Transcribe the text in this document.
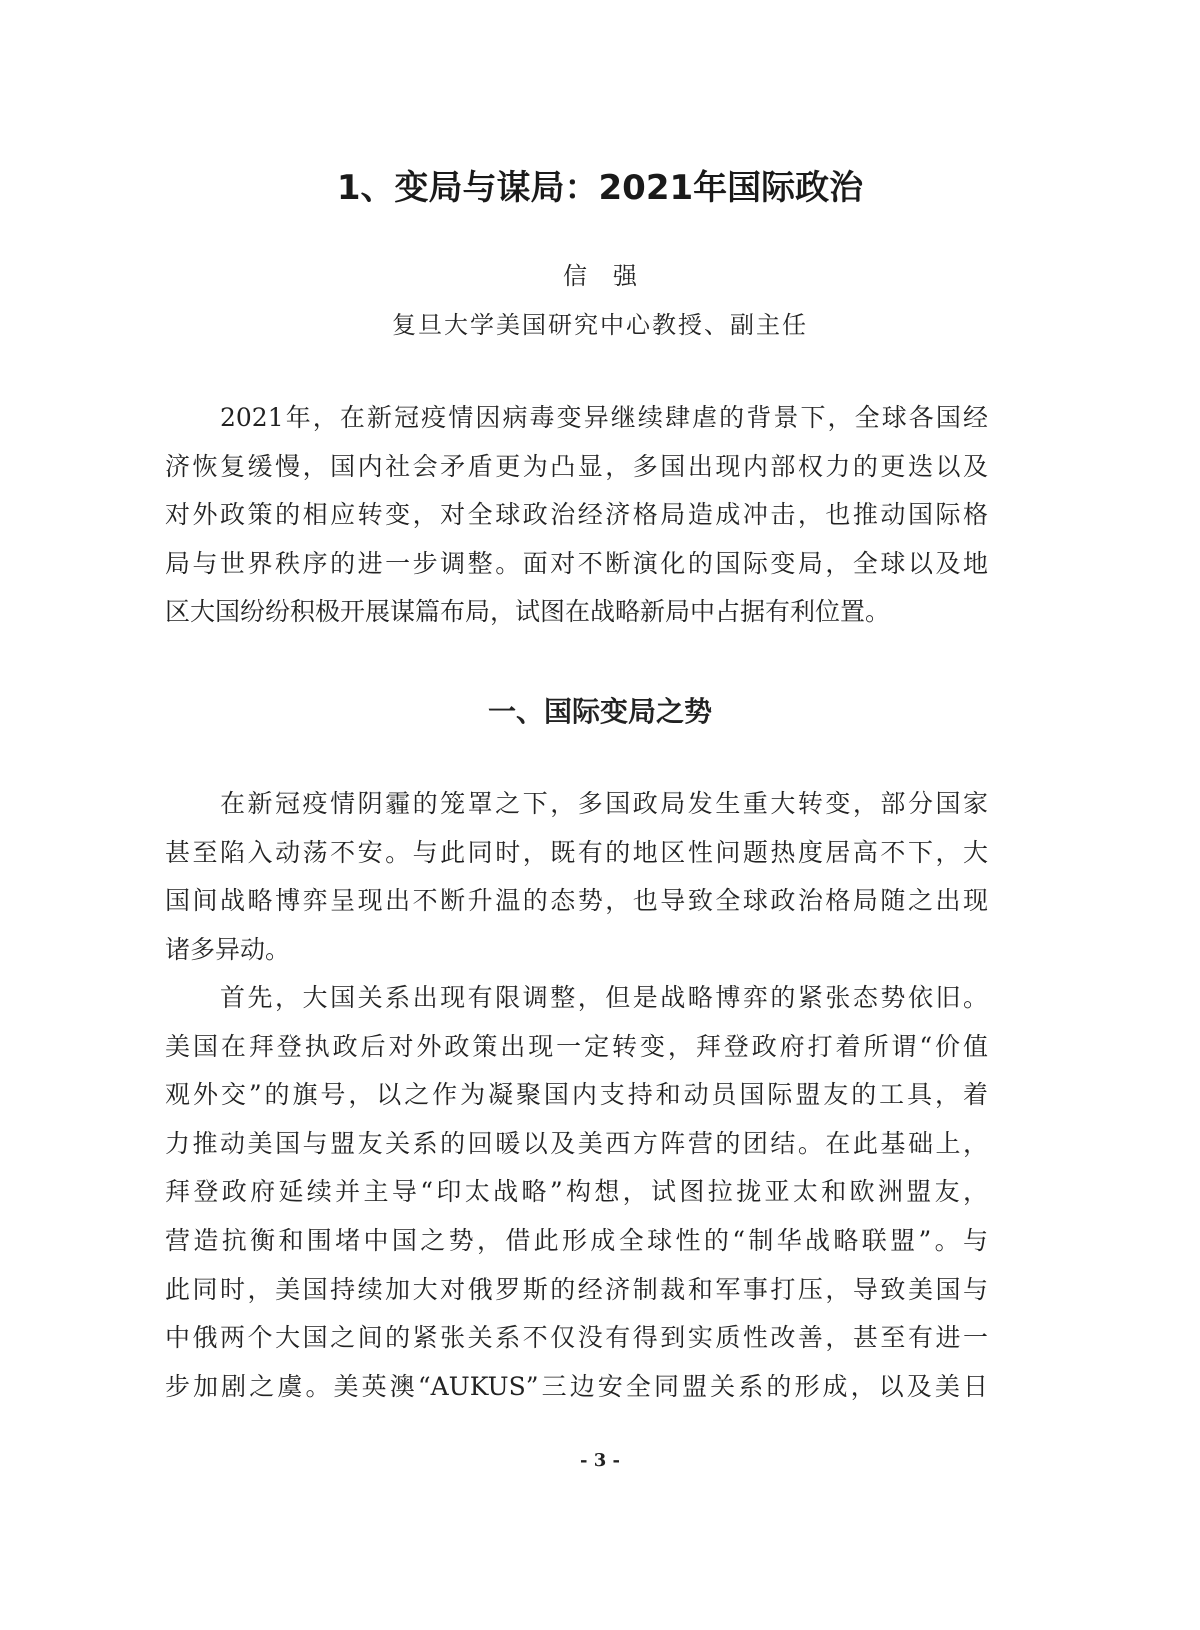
1、变局与谋局：2021年国际政治
信强
复旦大学美国研究中心教授、副主任
2021年，在新冠疫情因病毒变异继续肆虐的背景下，全球各国经
济恢复缓慢，国内社会矛盾更为凸显，多国出现内部权力的更迭以及
对外政策的相应转变，对全球政治经济格局造成冲击，也推动国际格
局与世界秩序的进一步调整。面对不断演化的国际变局，全球以及地
区大国纷纷积极开展谋篇布局，试图在战略新局中占据有利位置。
一、国际变局之势
在新冠疫情阴霾的笼罩之下，多国政局发生重大转变，部分国家
甚至陷入动荡不安。与此同时，既有的地区性问题热度居高不下，大
国间战略博弈呈现出不断升温的态势，也导致全球政治格局随之出现
诸多异动。
首先，大国关系出现有限调整，但是战略博弈的紧张态势依旧。
美国在拜登执政后对外政策出现一定转变，拜登政府打着所谓“价值
观外交”的旗号，以之作为凝聚国内支持和动员国际盟友的工具，着
力推动美国与盟友关系的回暖以及美西方阵营的团结。在此基础上，
拜登政府延续并主导“印太战略”构想，试图拉拢亚太和欧洲盟友，
营造抗衡和围堵中国之势，借此形成全球性的“制华战略联盟”。与
此同时，美国持续加大对俄罗斯的经济制裁和军事打压，导致美国与
中俄两个大国之间的紧张关系不仅没有得到实质性改善，甚至有进一
步加剧之虞。美英澳“AUKUS”三边安全同盟关系的形成，以及美日
- 3 -
